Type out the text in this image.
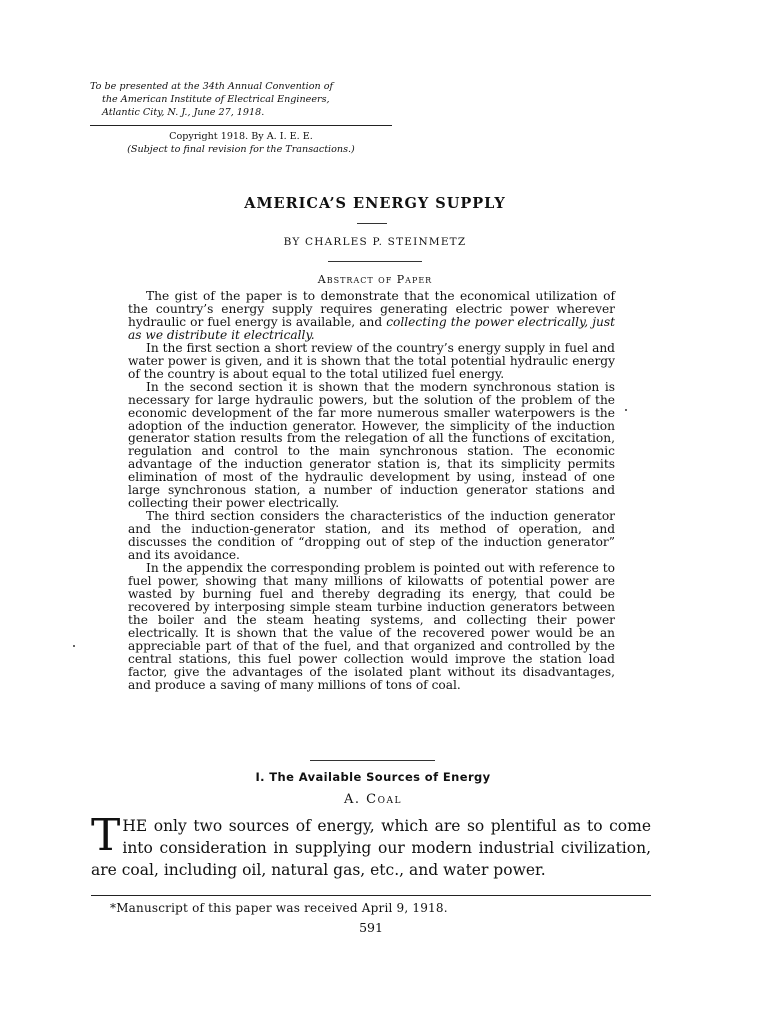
To be presented at the 34th Annual Convention of
the American Institute of Electrical Engineers,
Atlantic City, N. J., June 27, 1918.
Copyright 1918. By A. I. E. E.
(Subject to final revision for the Transactions.)
AMERICA’S ENERGY SUPPLY
BY CHARLES P. STEINMETZ
Abstract of Paper

The gist of the paper is to demonstrate that the economical utilization of the country’s energy supply requires generating electric power wherever hydraulic or fuel energy is available, and collecting the power electrically, just as we distribute it electrically.

In the first section a short review of the country’s energy supply in fuel and water power is given, and it is shown that the total potential hydraulic energy of the country is about equal to the total utilized fuel energy.

In the second section it is shown that the modern synchronous station is necessary for large hydraulic powers, but the solution of the problem of the economic development of the far more numerous smaller waterpowers is the adoption of the induction generator. However, the simplicity of the induction generator station results from the relegation of all the functions of excitation, regulation and control to the main synchronous station. The economic advantage of the induction generator station is, that its simplicity permits elimination of most of the hydraulic development by using, instead of one large synchronous station, a number of induction generator stations and collecting their power electrically.

The third section considers the characteristics of the induction generator and the induction-generator station, and its method of operation, and discusses the condition of “dropping out of step of the induction generator” and its avoidance.

In the appendix the corresponding problem is pointed out with reference to fuel power, showing that many millions of kilowatts of potential power are wasted by burning fuel and thereby degrading its energy, that could be recovered by interposing simple steam turbine induction generators between the boiler and the steam heating systems, and collecting their power electrically. It is shown that the value of the recovered power would be an appreciable part of that of the fuel, and that organized and controlled by the central stations, this fuel power collection would improve the station load factor, give the advantages of the isolated plant without its disadvantages, and produce a saving of many millions of tons of coal.

I. The Available Sources of Energy
A. Coal

THE only two sources of energy, which are so plentiful as to come into consideration in supplying our modern industrial civilization, are coal, including oil, natural gas, etc., and water power.

*Manuscript of this paper was received April 9, 1918.
591
